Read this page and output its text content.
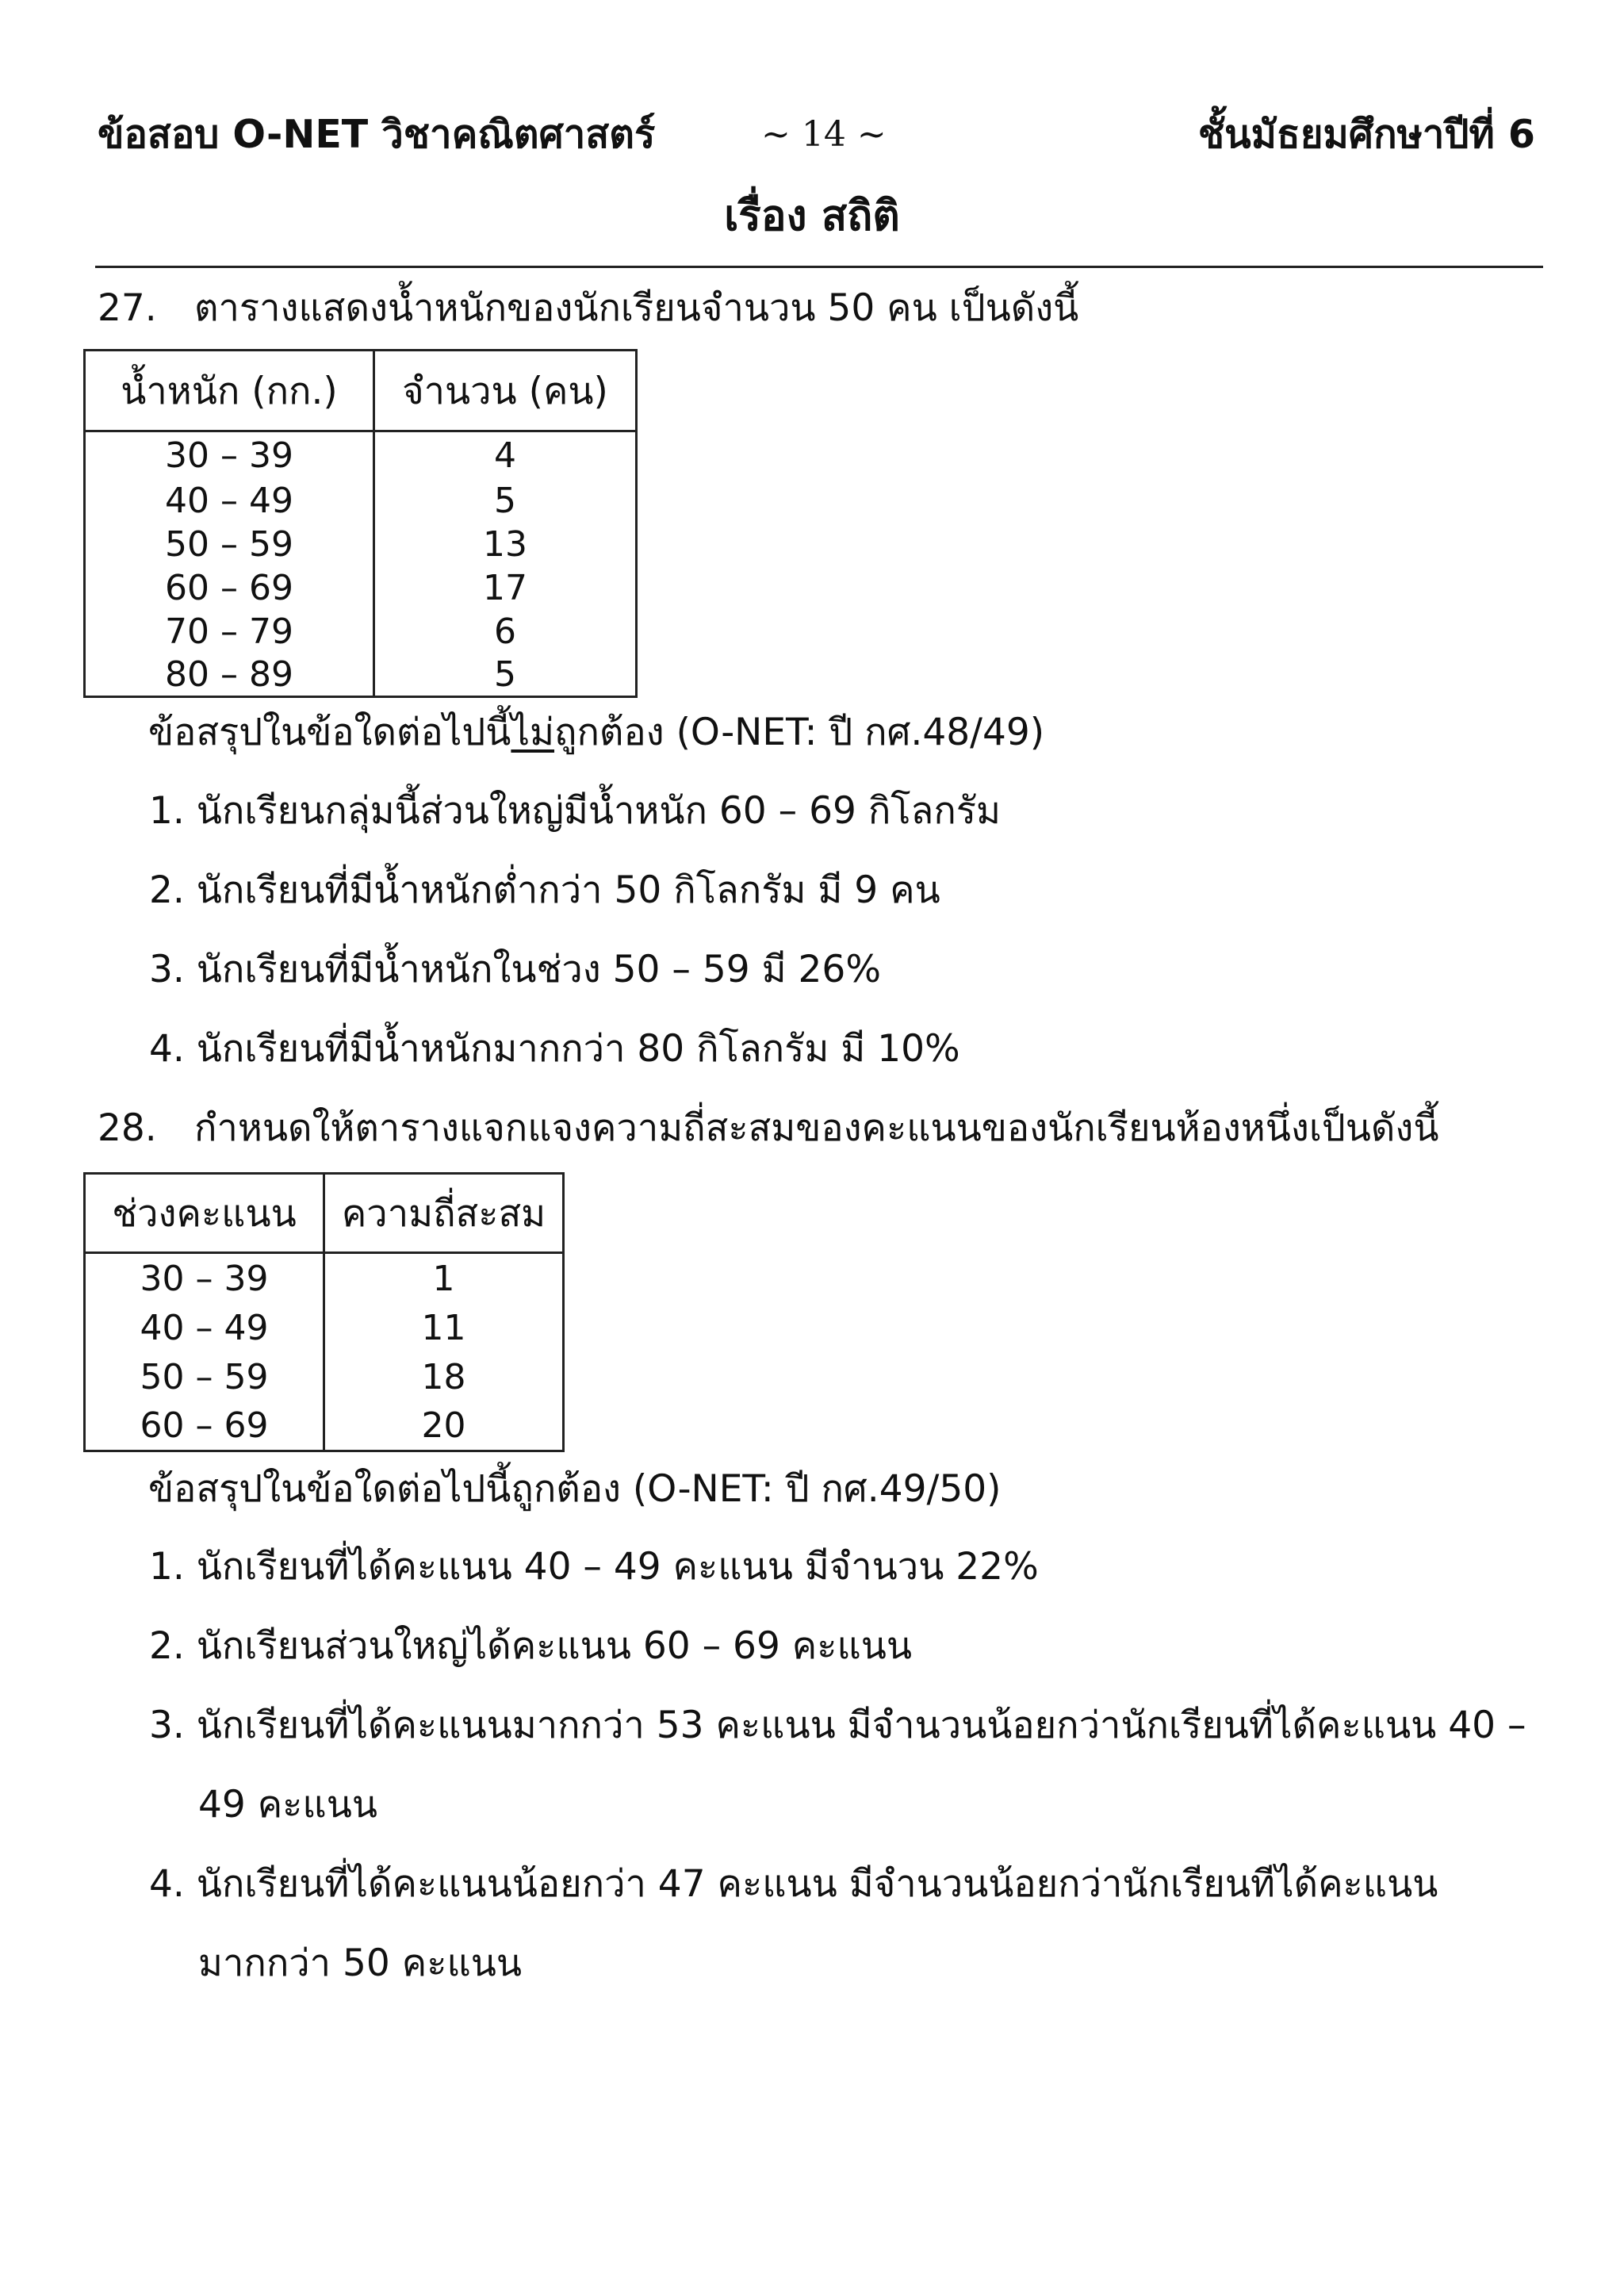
ข้อสอบ O-NET วิชาคณิตศาสตร์	~ 14 ~	ชั้นมัธยมศึกษาปีที่ 6
เรื่อง สถิติ
27. ตารางแสดงน้ำหนักของนักเรียนจำนวน 50 คน เป็นดังนี้
น้ำหนัก (กก.)	จำนวน (คน)
30 – 39	4
40 – 49	5
50 – 59	13
60 – 69	17
70 – 79	6
80 – 89	5
ข้อสรุปในข้อใดต่อไปนี้ไม่ถูกต้อง (O-NET: ปี กศ.48/49)
1. นักเรียนกลุ่มนี้ส่วนใหญ่มีน้ำหนัก 60 – 69 กิโลกรัม
2. นักเรียนที่มีน้ำหนักต่ำกว่า 50 กิโลกรัม มี 9 คน
3. นักเรียนที่มีน้ำหนักในช่วง 50 – 59 มี 26%
4. นักเรียนที่มีน้ำหนักมากกว่า 80 กิโลกรัม มี 10%
28. กำหนดให้ตารางแจกแจงความถี่สะสมของคะแนนของนักเรียนห้องหนึ่งเป็นดังนี้
ช่วงคะแนน	ความถี่สะสม
30 – 39	1
40 – 49	11
50 – 59	18
60 – 69	20
ข้อสรุปในข้อใดต่อไปนี้ถูกต้อง (O-NET: ปี กศ.49/50)
1. นักเรียนที่ได้คะแนน 40 – 49 คะแนน มีจำนวน 22%
2. นักเรียนส่วนใหญ่ได้คะแนน 60 – 69 คะแนน
3. นักเรียนที่ได้คะแนนมากกว่า 53 คะแนน มีจำนวนน้อยกว่านักเรียนที่ได้คะแนน 40 –
49 คะแนน
4. นักเรียนที่ได้คะแนนน้อยกว่า 47 คะแนน มีจำนวนน้อยกว่านักเรียนทีได้คะแนน
มากกว่า 50 คะแนน
